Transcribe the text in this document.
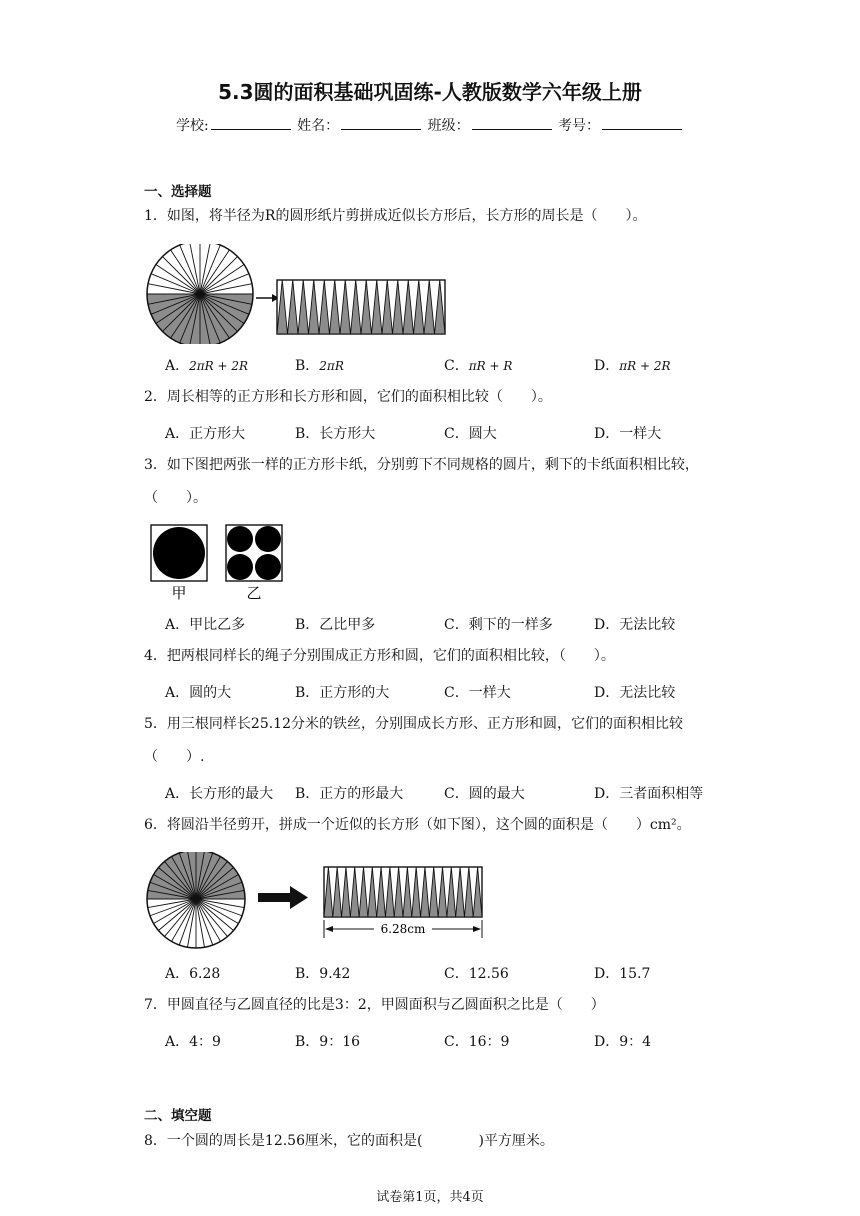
5.3圆的面积基础巩固练-人教版数学六年级上册
学校:	姓名：	班级：	考号：
一、选择题
1．如图，将半径为R的圆形纸片剪拼成近似长方形后，长方形的周长是（　　）。
A．2πR + 2R	B．2πR	C．πR + R	D．πR + 2R
2．周长相等的正方形和长方形和圆，它们的面积相比较（　　）。
A．正方形大	B．长方形大	C．圆大	D．一样大
3．如下图把两张一样的正方形卡纸，分别剪下不同规格的圆片，剩下的卡纸面积相比较，（　　）。
甲	乙
A．甲比乙多	B．乙比甲多	C．剩下的一样多	D．无法比较
4．把两根同样长的绳子分别围成正方形和圆，它们的面积相比较，（　　）。
A．圆的大	B．正方形的大	C．一样大	D．无法比较
5．用三根同样长25.12分米的铁丝，分别围成长方形、正方形和圆，它们的面积相比较（　　）.
A．长方形的最大 B．正方的形最大	C．圆的最大	D．三者面积相等
6．将圆沿半径剪开，拼成一个近似的长方形（如下图），这个圆的面积是（　　）cm²。
6.28cm
A．6.28	B．9.42	C．12.56	D．15.7
7．甲圆直径与乙圆直径的比是3：2，甲圆面积与乙圆面积之比是（　　）
A．4：9	B．9：16	C．16：9	D．9：4
二、填空题
8．一个圆的周长是12.56厘米，它的面积是(　　　　)平方厘米。
试卷第1页，共4页
